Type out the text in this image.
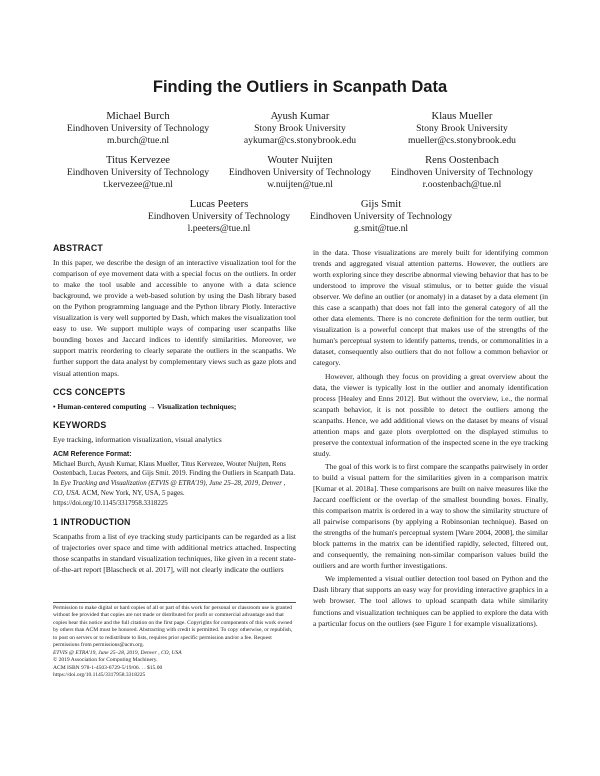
Finding the Outliers in Scanpath Data
Michael Burch
Eindhoven University of Technology
m.burch@tue.nl
Ayush Kumar
Stony Brook University
aykumar@cs.stonybrook.edu
Klaus Mueller
Stony Brook University
mueller@cs.stonybrook.edu
Titus Kervezee
Eindhoven University of Technology
t.kervezee@tue.nl
Wouter Nuijten
Eindhoven University of Technology
w.nuijten@tue.nl
Rens Oostenbach
Eindhoven University of Technology
r.oostenbach@tue.nl
Lucas Peeters
Eindhoven University of Technology
l.peeters@tue.nl
Gijs Smit
Eindhoven University of Technology
g.smit@tue.nl
ABSTRACT

In this paper, we describe the design of an interactive visualization tool for the comparison of eye movement data with a special focus on the outliers. In order to make the tool usable and accessible to anyone with a data science background, we provide a web-based solution by using the Dash library based on the Python programming language and the Python library Plotly. Interactive visualization is very well supported by Dash, which makes the visualization tool easy to use. We support multiple ways of comparing user scanpaths like bounding boxes and Jaccard indices to identify similarities. Moreover, we support matrix reordering to clearly separate the outliers in the scanpaths. We further support the data analyst by complementary views such as gaze plots and visual attention maps.

CCS CONCEPTS

• Human-centered computing → Visualization techniques;

KEYWORDS

Eye tracking, information visualization, visual analytics

ACM Reference Format:
Michael Burch, Ayush Kumar, Klaus Mueller, Titus Kervezee, Wouter Nuijten, Rens Oostenbach, Lucas Peeters, and Gijs Smit. 2019. Finding the Outliers in Scanpath Data. In Eye Tracking and Visualization (ETVIS @ ETRA'19), June 25–28, 2019, Denver , CO, USA. ACM, New York, NY, USA, 5 pages. https://doi.org/10.1145/3317958.3318225
1 INTRODUCTION

Scanpaths from a list of eye tracking study participants can be regarded as a list of trajectories over space and time with additional metrics attached. Inspecting those scanpaths in standard visualization techniques, like given in a recent state-of-the-art report [Blascheck et al. 2017], will not clearly indicate the outliers

Permission to make digital or hard copies of all or part of this work for personal or classroom use is granted without fee provided that copies are not made or distributed for profit or commercial advantage and that copies bear this notice and the full citation on the first page. Copyrights for components of this work owned by others than ACM must be honored. Abstracting with credit is permitted. To copy otherwise, or republish, to post on servers or to redistribute to lists, requires prior specific permission and/or a fee. Request permissions from permissions@acm.org.

ETVIS @ ETRA'19, June 25–28, 2019, Denver , CO, USA

© 2019 Association for Computing Machinery.

ACM ISBN 978-1-4503-6729-5/19/06. . . $15.00

https://doi.org/10.1145/3317958.3318225

in the data. Those visualizations are merely built for identifying common trends and aggregated visual attention patterns. However, the outliers are worth exploring since they describe abnormal viewing behavior that has to be understood to improve the visual stimulus, or to better guide the visual observer. We define an outlier (or anomaly) in a dataset by a data element (in this case a scanpath) that does not fall into the general category of all the other data elements. There is no concrete definition for the term outlier, but visualization is a powerful concept that makes use of the strengths of the human's perceptual system to identify patterns, trends, or commonalities in a dataset, consequently also outliers that do not follow a common behavior or category.

However, although they focus on providing a great overview about the data, the viewer is typically lost in the outlier and anomaly identification process [Healey and Enns 2012]. But without the overview, i.e., the normal scanpath behavior, it is not possible to detect the outliers among the scanpaths. Hence, we add additional views on the dataset by means of visual attention maps and gaze plots overplotted on the displayed stimulus to preserve the contextual information of the inspected scene in the eye tracking study.

The goal of this work is to first compare the scanpaths pairwisely in order to build a visual pattern for the similarities given in a comparison matrix [Kumar et al. 2018a]. These comparisons are built on naive measures like the Jaccard coefficient or the overlap of the smallest bounding boxes. Finally, this comparison matrix is ordered in a way to show the similarity structure of all pairwise comparisons (by applying a Robinsonian technique). Based on the strengths of the human's perceptual system [Ware 2004, 2008], the similar block patterns in the matrix can be identified rapidly, selected, filtered out, and consequently, the remaining non-similar comparison values build the outliers and are worth further investigations.

We implemented a visual outlier detection tool based on Python and the Dash library that supports an easy way for providing interactive graphics in a web browser. The tool allows to upload scanpath data while similarity functions and visualization techniques can be applied to explore the data with a particular focus on the outliers (see Figure 1 for example visualizations).
